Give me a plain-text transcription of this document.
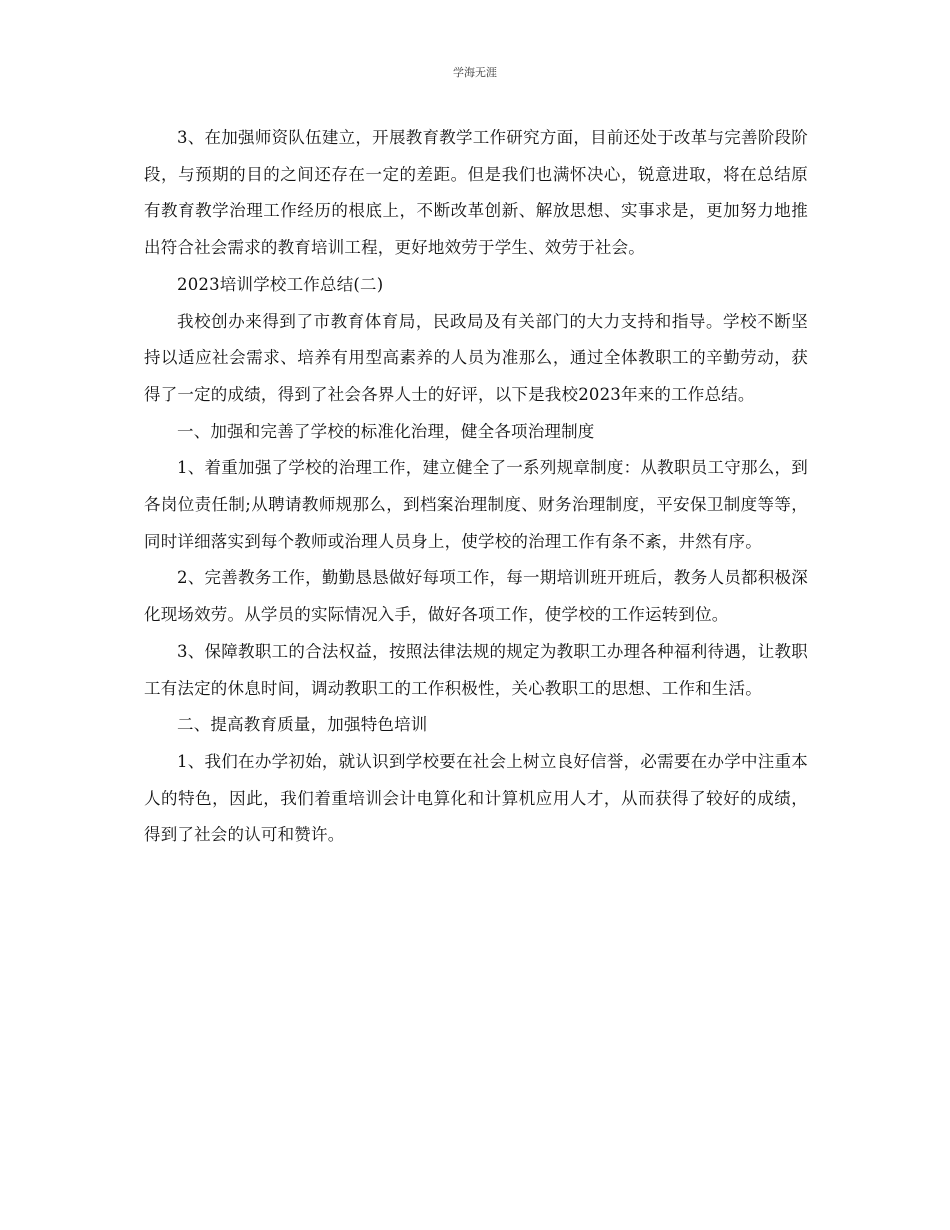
学海无涯

3、在加强师资队伍建立，开展教育教学工作研究方面，目前还处于改革与完善阶段阶段，与预期的目的之间还存在一定的差距。但是我们也满怀决心，锐意进取，将在总结原有教育教学治理工作经历的根底上，不断改革创新、解放思想、实事求是，更加努力地推出符合社会需求的教育培训工程，更好地效劳于学生、效劳于社会。

2023培训学校工作总结(二)

我校创办来得到了市教育体育局，民政局及有关部门的大力支持和指导。学校不断坚持以适应社会需求、培养有用型高素养的人员为准那么，通过全体教职工的辛勤劳动，获得了一定的成绩，得到了社会各界人士的好评，以下是我校2023年来的工作总结。

一、加强和完善了学校的标准化治理，健全各项治理制度

1、着重加强了学校的治理工作，建立健全了一系列规章制度：从教职员工守那么，到各岗位责任制;从聘请教师规那么，到档案治理制度、财务治理制度，平安保卫制度等等，同时详细落实到每个教师或治理人员身上，使学校的治理工作有条不紊，井然有序。

2、完善教务工作，勤勤恳恳做好每项工作，每一期培训班开班后，教务人员都积极深化现场效劳。从学员的实际情况入手，做好各项工作，使学校的工作运转到位。

3、保障教职工的合法权益，按照法律法规的规定为教职工办理各种福利待遇，让教职工有法定的休息时间，调动教职工的工作积极性，关心教职工的思想、工作和生活。

二、提高教育质量，加强特色培训

1、我们在办学初始，就认识到学校要在社会上树立良好信誉，必需要在办学中注重本人的特色，因此，我们着重培训会计电算化和计算机应用人才，从而获得了较好的成绩，得到了社会的认可和赞许。
